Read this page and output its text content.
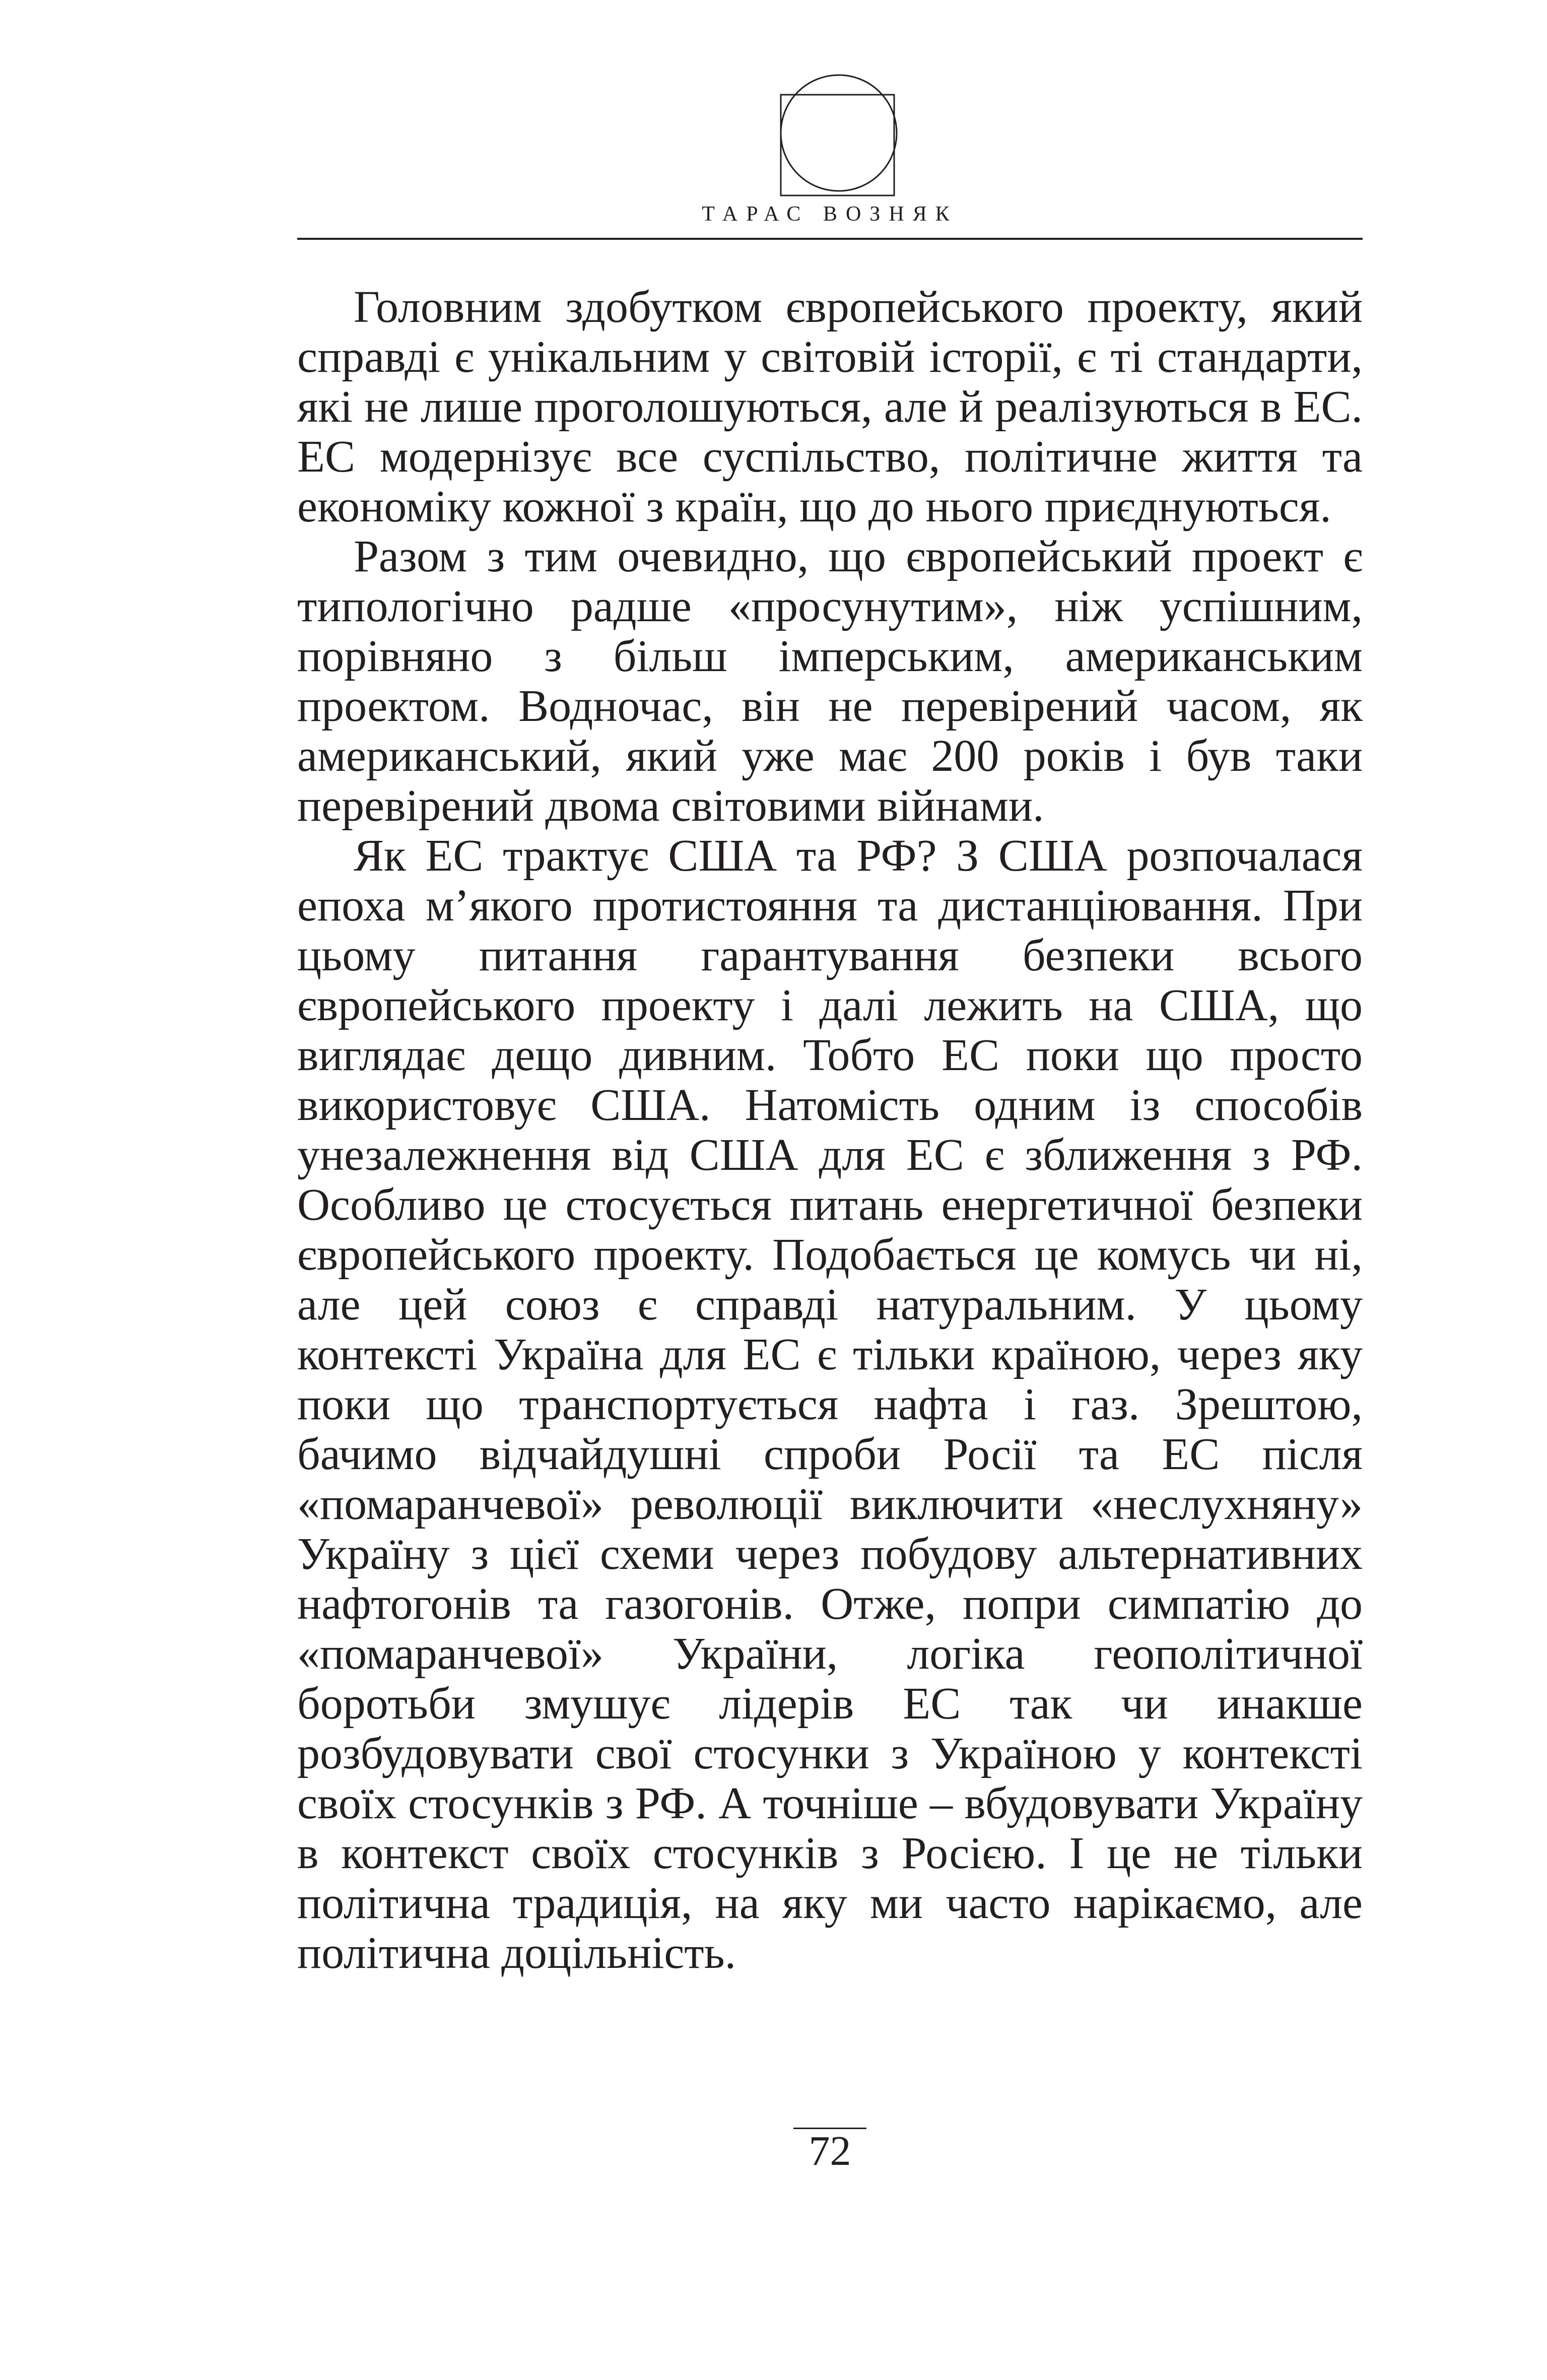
ТАРАС ВОЗНЯК

Головним здобутком європейського проекту, який справді є унікальним у світовій історії, є ті стандарти, які не лише проголошуються, але й реалізуються в ЕС. ЕС модернізує все суспільство, політичне життя та економіку кожної з країн, що до нього приєднуються.

Разом з тим очевидно, що європейський проект є типологічно радше «просунутим», ніж успішним, порівняно з більш імперським, американським проектом. Водночас, він не перевірений часом, як американський, який уже має 200 років і був таки перевірений двома світовими війнами.

Як ЕС трактує США та РФ? З США розпочалася епоха м’якого протистояння та дистанціювання. При цьому питання гарантування безпеки всього європейського проекту і далі лежить на США, що виглядає дещо дивним. Тобто ЕС поки що просто використовує США. Натомість одним із способів унезалежнення від США для ЕС є зближення з РФ. Особливо це стосується питань енергетичної безпеки європейського проекту. Подобається це комусь чи ні, але цей союз є справді натуральним. У цьому контексті Україна для ЕС є тільки країною, через яку поки що транспортується нафта і газ. Зрештою, бачимо відчайдушні спроби Росії та ЕС після «помаранчевої» революції виключити «неслухняну» Україну з цієї схеми через побудову альтернативних нафтогонів та газогонів. Отже, попри симпатію до «помаранчевої» України, логіка геополітичної боротьби змушує лідерів ЕС так чи инакше розбудовувати свої стосунки з Україною у контексті своїх стосунків з РФ. А точніше – вбудовувати Україну в контекст своїх стосунків з Росією. І це не тільки політична традиція, на яку ми часто нарікаємо, але політична доцільність.

72
